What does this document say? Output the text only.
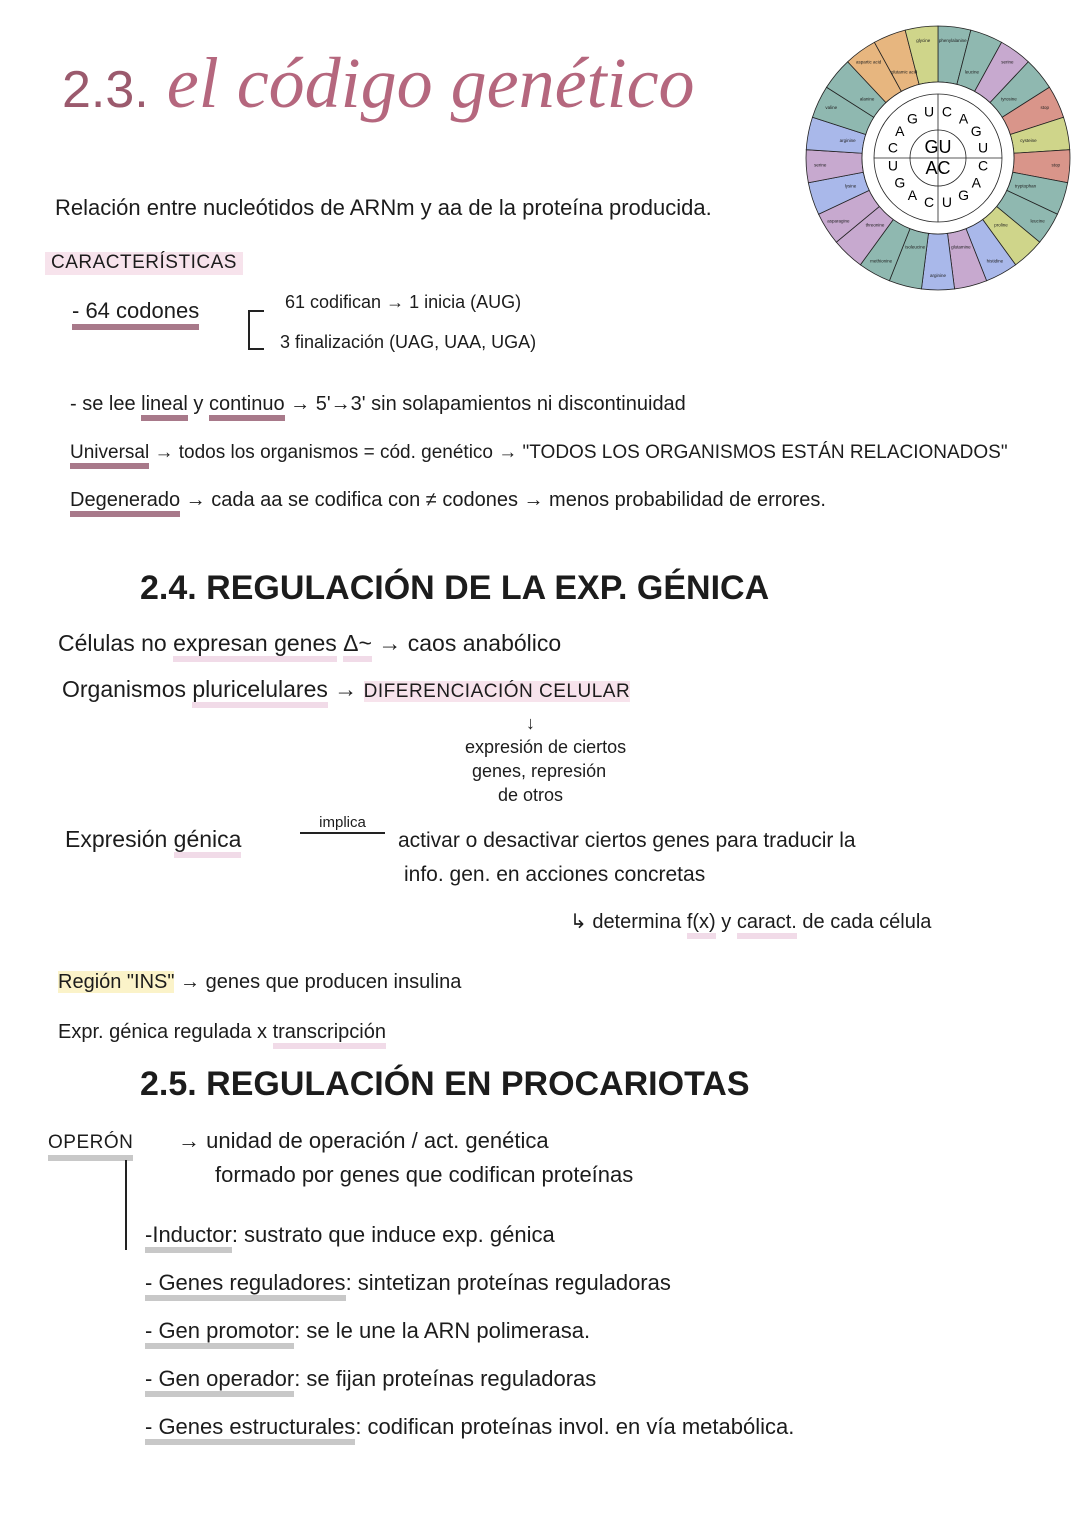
2.3. el código genético
phenylalanine
leucine
serine
tyrosine
stop
cysteine
stop
tryptophan
leucine
proline
histidine
glutamine
arginine
isoleucine
methionine
threonine
asparagine
lysine
serine
arginine
valine
alanine
aspartic acid
glutamic acid
glycine
C A
G
U
C
A
G
U
C
A
G
U
C
A
G U
GU
AC
Relación entre nucleótidos de ARNm y aa de la proteína producida.
CARACTERÍSTICAS
- 64 codones	61 codifican → 1 inicia (AUG)
3 finalización (UAG, UAA, UGA)
- se lee lineal y continuo → 5'→3' sin solapamientos ni discontinuidad
Universal → todos los organismos = cód. genético → "TODOS LOS ORGANISMOS ESTÁN RELACIONADOS"
Degenerado → cada aa se codifica con ≠ codones → menos probabilidad de errores.
2.4. REGULACIÓN DE LA EXP. GÉNICA
Células no expresan genes Δ~ → caos anabólico
Organismos pluricelulares → DIFERENCIACIÓN CELULAR
↓
expresión de ciertos
genes, represión
de otros
Expresión génica
implica
activar o desactivar ciertos genes para traducir la
info. gen. en acciones concretas
↳ determina f(x) y caract. de cada célula
Región "INS" → genes que producen insulina
Expr. génica regulada x transcripción
2.5. REGULACIÓN EN PROCARIOTAS
OPERÓN → unidad de operación / act. genética
formado por genes que codifican proteínas
-Inductor: sustrato que induce exp. génica
- Genes reguladores: sintetizan proteínas reguladoras
- Gen promotor: se le une la ARN polimerasa.
- Gen operador: se fijan proteínas reguladoras
- Genes estructurales: codifican proteínas invol. en vía metabólica.
